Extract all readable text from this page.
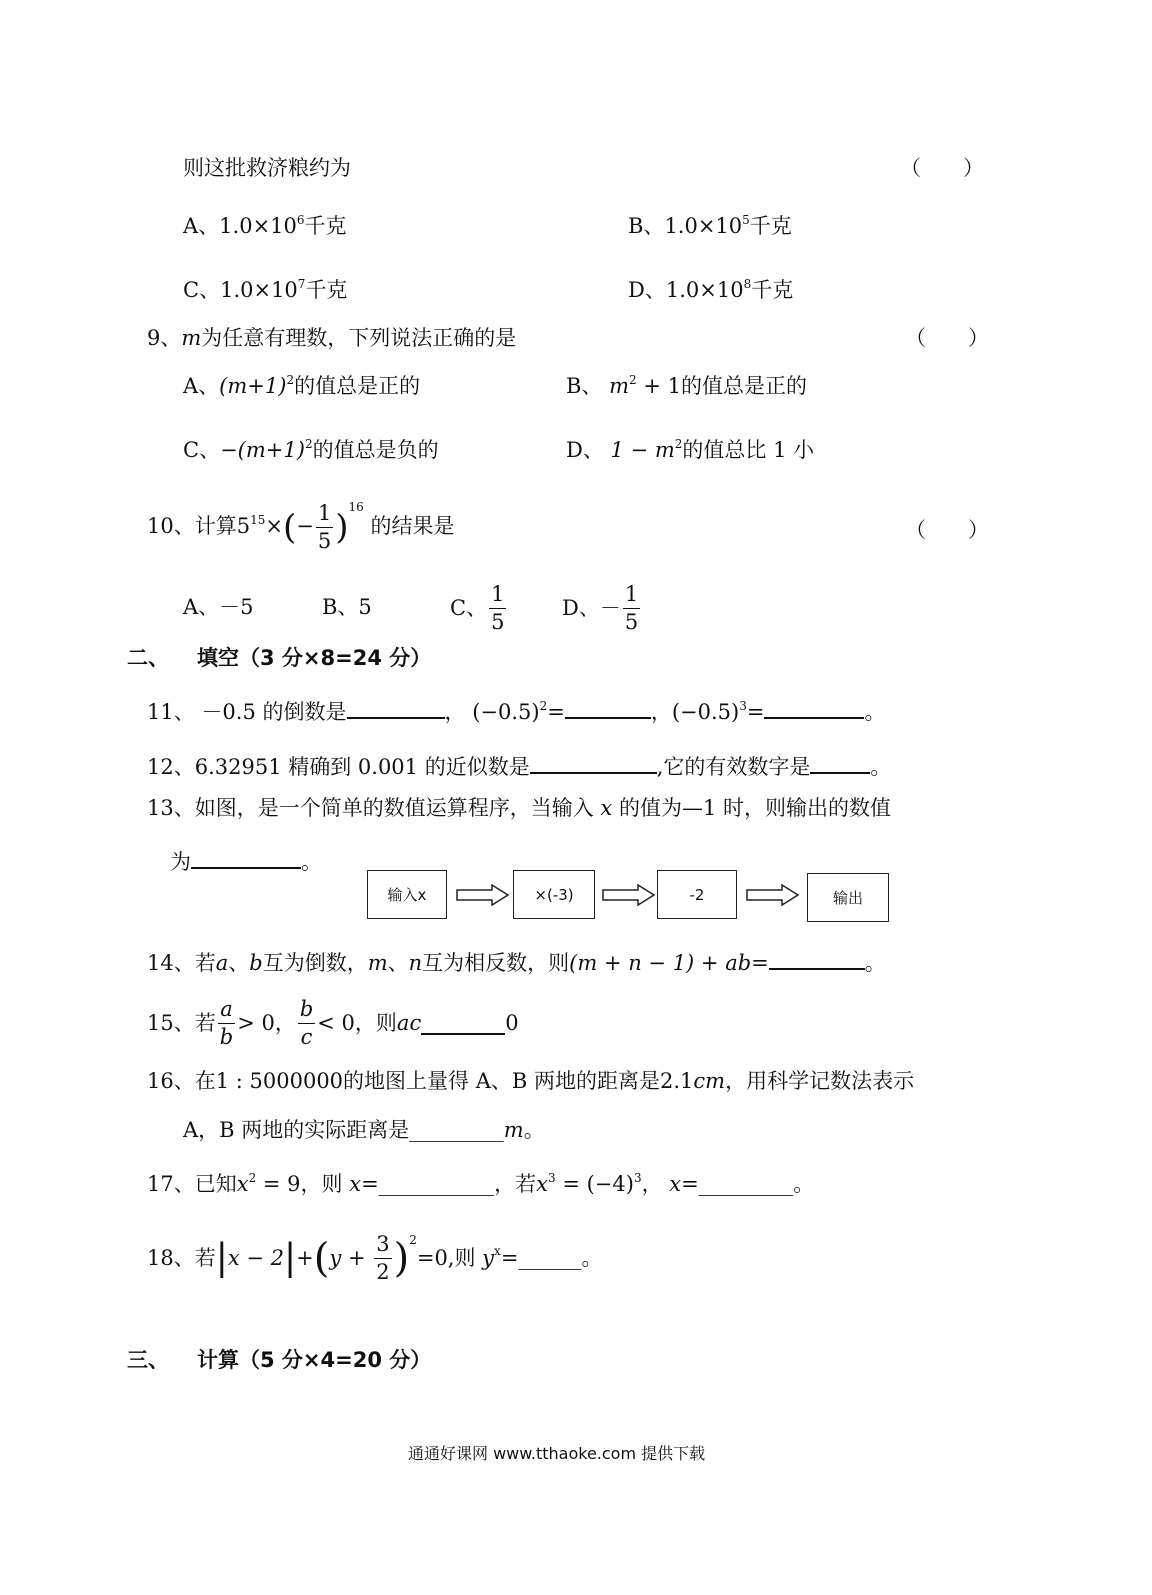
则这批救济粮约为	（　　）
A、$1.0\times 10^6$千克	B、$1.0\times 10^5$千克
C、$1.0\times 10^7$千克	D、$1.0\times 10^8$千克
9、m为任意有理数，下列说法正确的是	（　　）
A、$(m+1)^2$的值总是正的	B、 $m^2 + 1$的值总是正的
C、$-(m+1)^2$的值总是负的	D、 $1 - m^2$的值总比 1 小
10、计算$5^{15}\times(- \frac{1}{5} )^{16}$ 的结果是	（　　）
A、－5	B、5	C、 $\frac{1}{5}$	D、－ $\frac{1}{5}$
二、 填空（3 分×8=24 分）
11、 －0.5 的倒数是	， $(-0.5)^2=$	，$(-0.5)^3=$	。
12、6.32951 精确到 0.001 的近似数是	,它的有效数字是	。
13、如图，是一个简单的数值运算程序，当输入 x 的值为—1 时，则输出的数值
为	。
输入x	×(-3)	-2	输出
14、若a、b互为倒数，m、n互为相反数，则(m + n − 1) + ab=	。
15、若 $\frac{a}{b} > 0$， $\frac{b}{c} < 0$，则ac	0
16、在1 : 5000000的地图上量得 A、B 两地的距离是2.1cm，用科学记数法表示
A，B 两地的实际距离是_________m。
17、已知$x^2 = 9$，则 x=___________，若$x^3 = (-4)^3$， x=_________。
18、若$|x - 2|+(y + \frac{3}{2} )^2=0$,则 $y^x=\_\_\_\_\_\_$。
三、 计算（5 分×4=20 分）
通通好课网 www.tthaoke.com 提供下载
